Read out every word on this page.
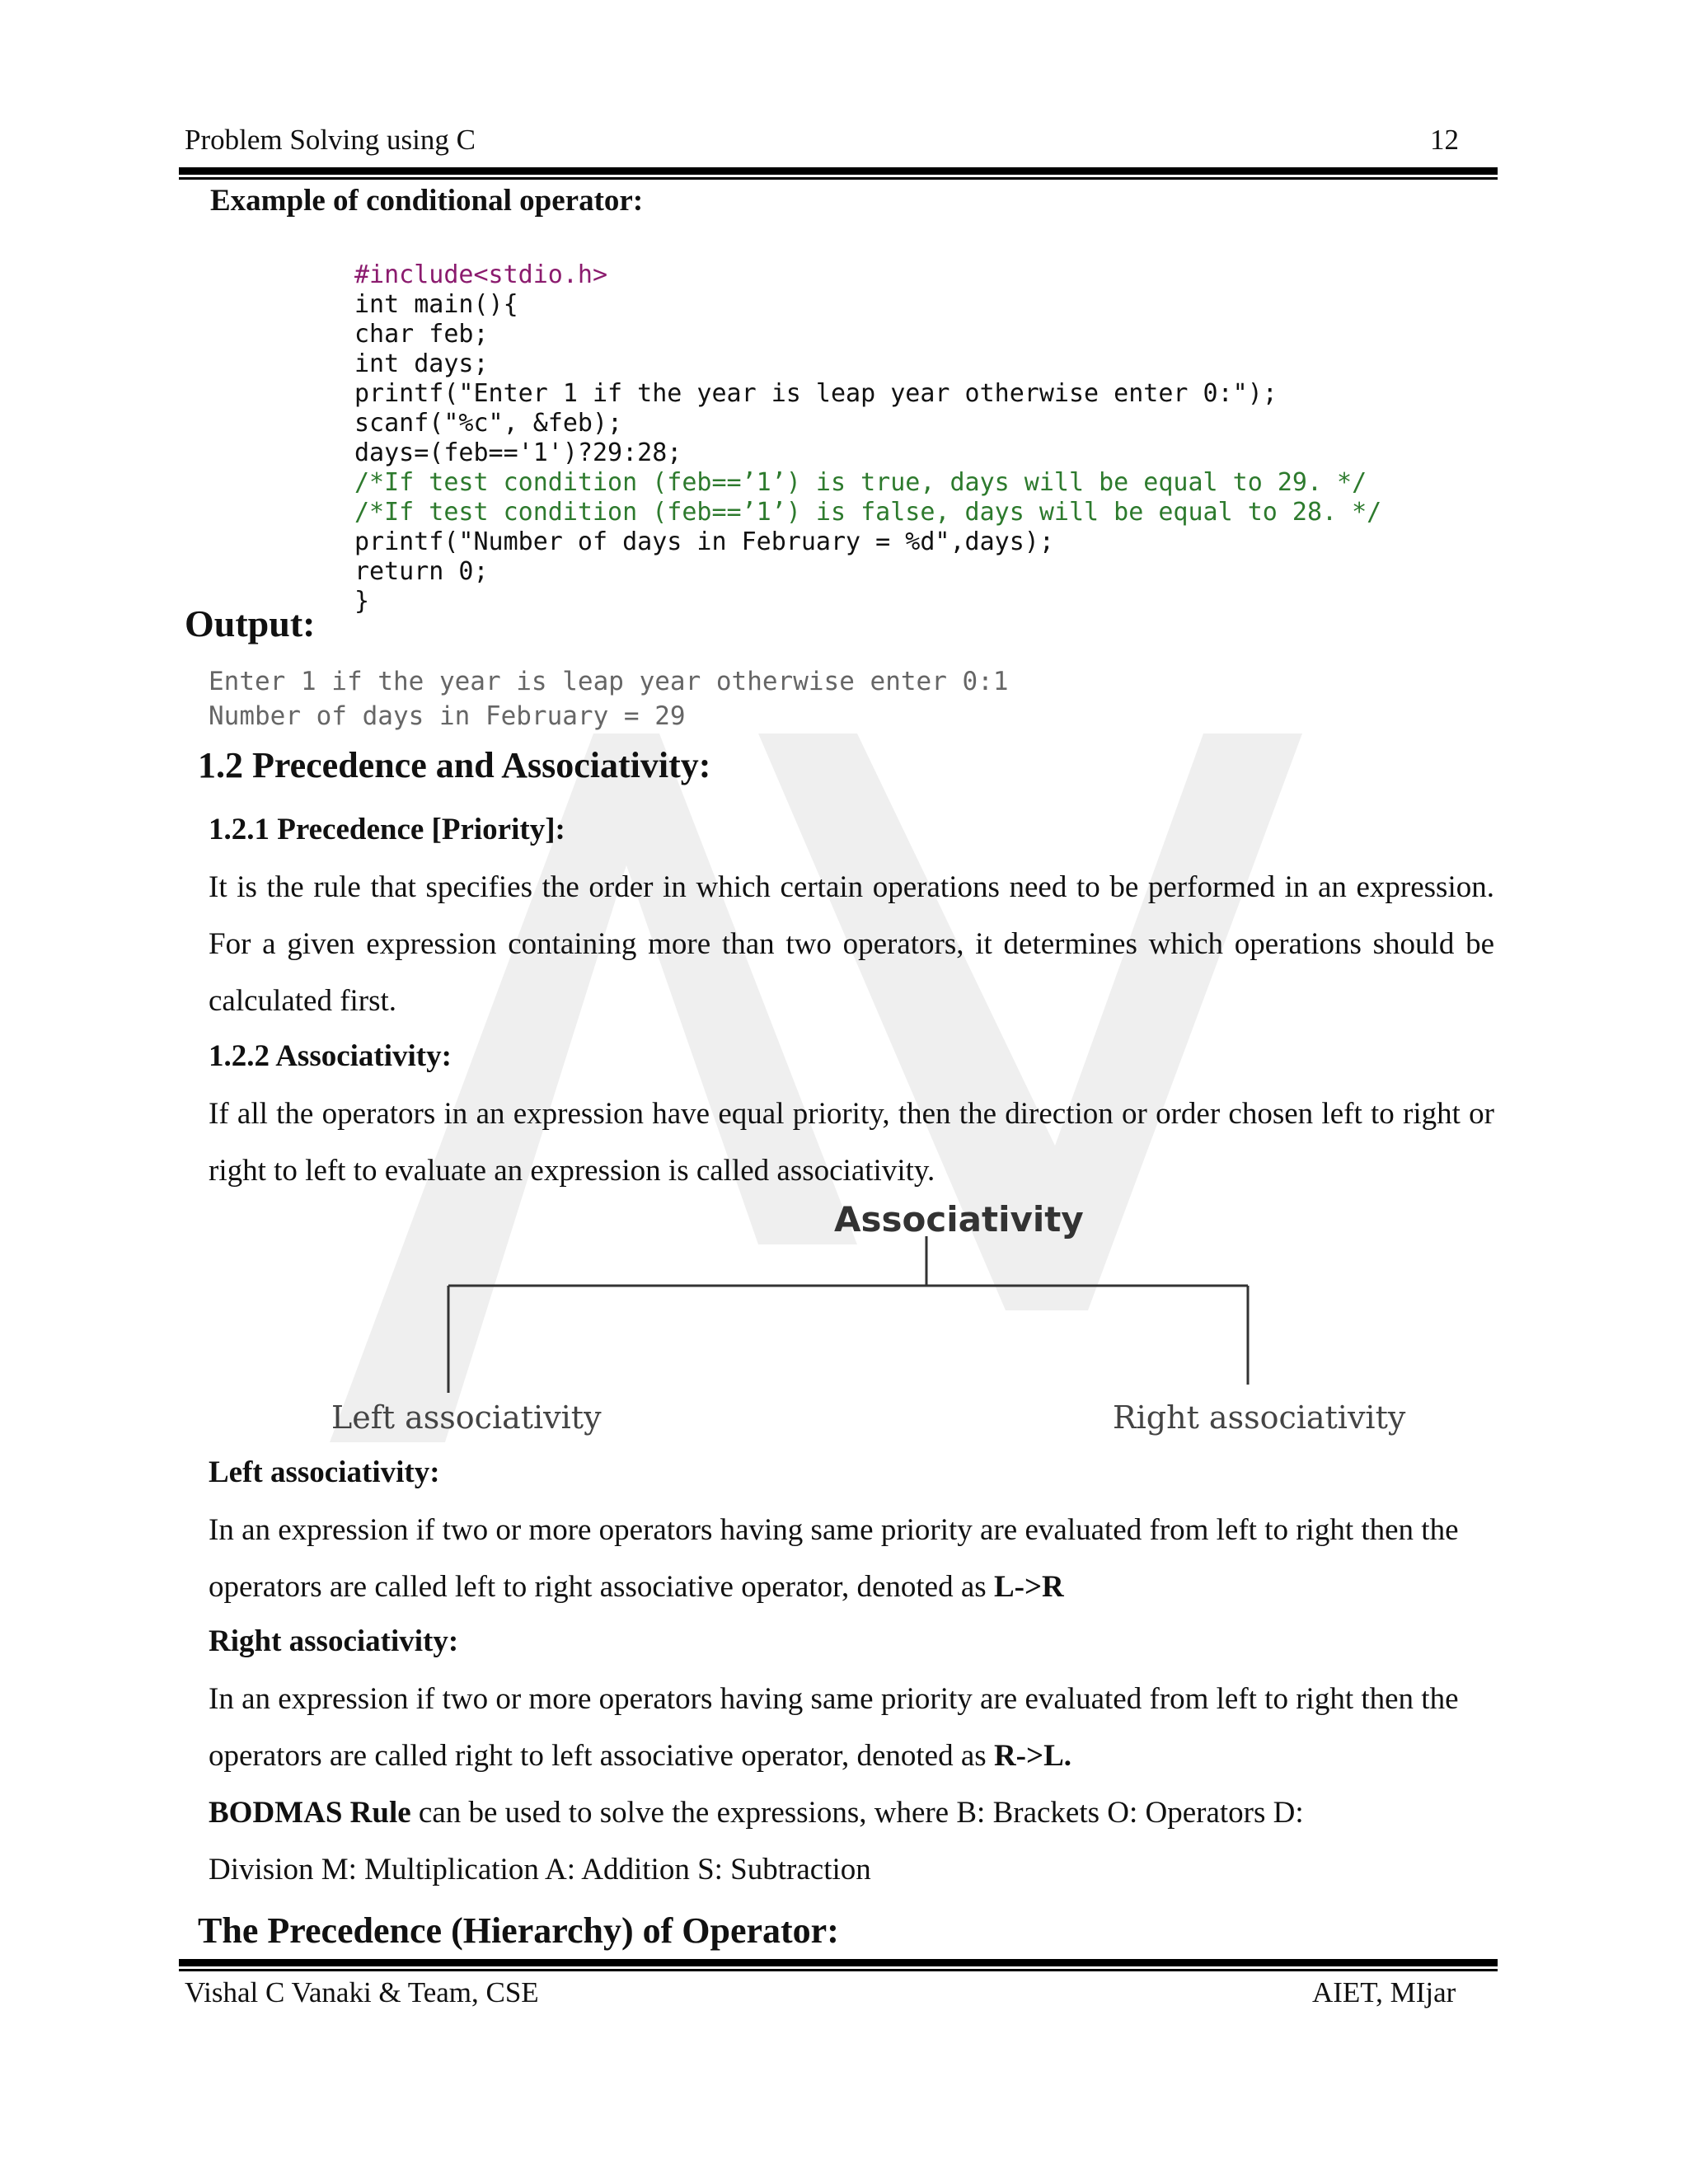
Problem Solving using C	12
Example of conditional operator:

#include<stdio.h>
int main(){
char feb;
int days;
printf("Enter 1 if the year is leap year otherwise enter 0:");
scanf("%c", &feb);
days=(feb=='1')?29:28;
/*If test condition (feb==’1’) is true, days will be equal to 29. */
/*If test condition (feb==’1’) is false, days will be equal to 28. */
printf("Number of days in February = %d",days);
return 0;
}

Output:
Enter 1 if the year is leap year otherwise enter 0:1
Number of days in February = 29
1.2 Precedence and Associativity:
1.2.1 Precedence [Priority]:
It is the rule that specifies the order in which certain operations need to be performed in an expression. For a given expression containing more than two operators, it determines which operations should be calculated first.
1.2.2 Associativity:
If all the operators in an expression have equal priority, then the direction or order chosen left to right or right to left to evaluate an expression is called associativity.
Associativity
Left associativity	Right associativity
Left associativity:
In an expression if two or more operators having same priority are evaluated from left to right then the operators are called left to right associative operator, denoted as L->R
Right associativity:
In an expression if two or more operators having same priority are evaluated from left to right then the operators are called right to left associative operator, denoted as R->L.
BODMAS Rule can be used to solve the expressions, where B: Brackets O: Operators D:
Division M: Multiplication A: Addition S: Subtraction
The Precedence (Hierarchy) of Operator:
Vishal C Vanaki & Team, CSE	AIET, MIjar
